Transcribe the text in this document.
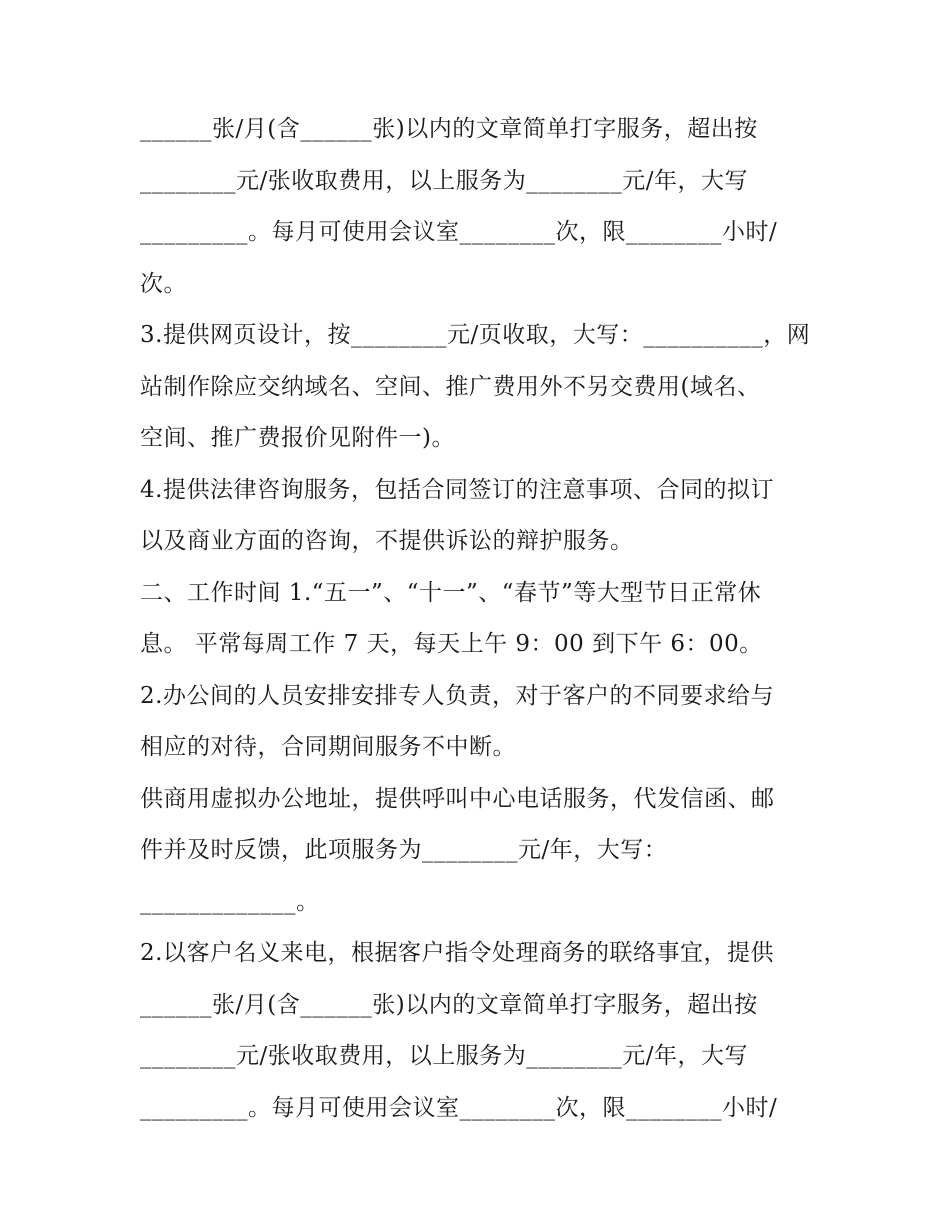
______张/月(含______张)以内的文章简单打字服务，超出按
________元/张收取费用，以上服务为________元/年，大写
_________。每月可使用会议室________次，限________小时/
次。
3.提供网页设计，按________元/页收取，大写：__________，网
站制作除应交纳域名、空间、推广费用外不另交费用(域名、
空间、推广费报价见附件一)。
4.提供法律咨询服务，包括合同签订的注意事项、合同的拟订
以及商业方面的咨询，不提供诉讼的辩护服务。
二、工作时间 1.“五一”、“十一”、“春节”等大型节日正常休
息。 平常每周工作 7 天，每天上午 9：00 到下午 6：00。
2.办公间的人员安排安排专人负责，对于客户的不同要求给与
相应的对待，合同期间服务不中断。
供商用虚拟办公地址，提供呼叫中心电话服务，代发信函、邮
件并及时反馈，此项服务为________元/年，大写：
_____________。
2.以客户名义来电，根据客户指令处理商务的联络事宜，提供
______张/月(含______张)以内的文章简单打字服务，超出按
________元/张收取费用，以上服务为________元/年，大写
_________。每月可使用会议室________次，限________小时/
